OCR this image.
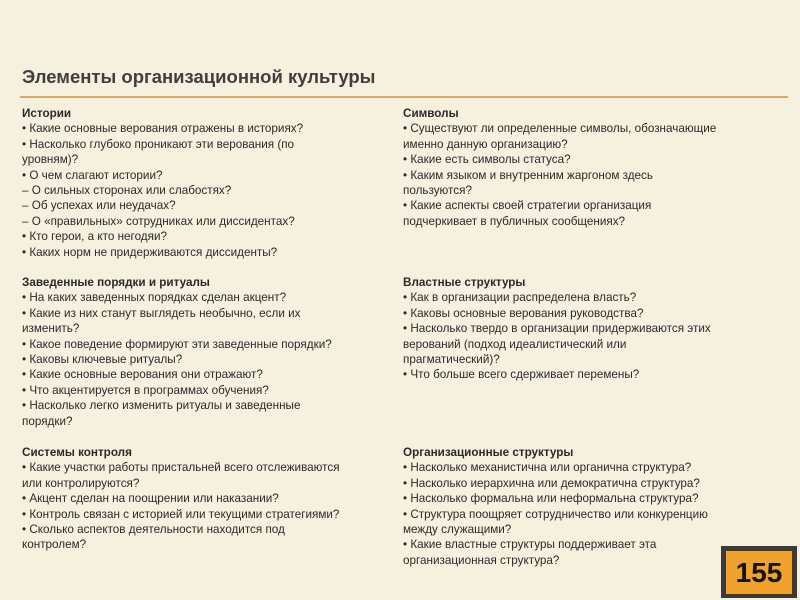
Элементы организационной культуры
Истории
• Какие основные верования отражены в историях?
• Насколько глубоко проникают эти верования (по
уровням)?
• О чем слагают истории?
– О сильных сторонах или слабостях?
– Об успехах или неудачах?
– О «правильных» сотрудниках или диссидентах?
• Кто герои, а кто негодяи?
• Каких норм не придерживаются диссиденты?
Символы
• Существуют ли определенные символы, обозначающие
именно данную организацию?
• Какие есть символы статуса?
• Каким языком и внутренним жаргоном здесь
пользуются?
• Какие аспекты своей стратегии организация
подчеркивает в публичных сообщениях?
Заведенные порядки и ритуалы
• На каких заведенных порядках сделан акцент?
• Какие из них станут выглядеть необычно, если их
изменить?
• Какое поведение формируют эти заведенные порядки?
• Каковы ключевые ритуалы?
• Какие основные верования они отражают?
• Что акцентируется в программах обучения?
• Насколько легко изменить ритуалы и заведенные
порядки?
Властные структуры
• Как в организации распределена власть?
• Каковы основные верования руководства?
• Насколько твердо в организации придерживаются этих
верований (подход идеалистический или
прагматический)?
• Что больше всего сдерживает перемены?
Системы контроля
• Какие участки работы пристальней всего отслеживаются
или контролируются?
• Акцент сделан на поощрении или наказании?
• Контроль связан с историей или текущими стратегиями?
• Сколько аспектов деятельности находится под
контролем?
Организационные структуры
• Насколько механистична или органична структура?
• Насколько иерархична или демократична структура?
• Насколько формальна или неформальна структура?
• Структура поощряет сотрудничество или конкуренцию
между служащими?
• Какие властные структуры поддерживает эта
организационная структура?	155
